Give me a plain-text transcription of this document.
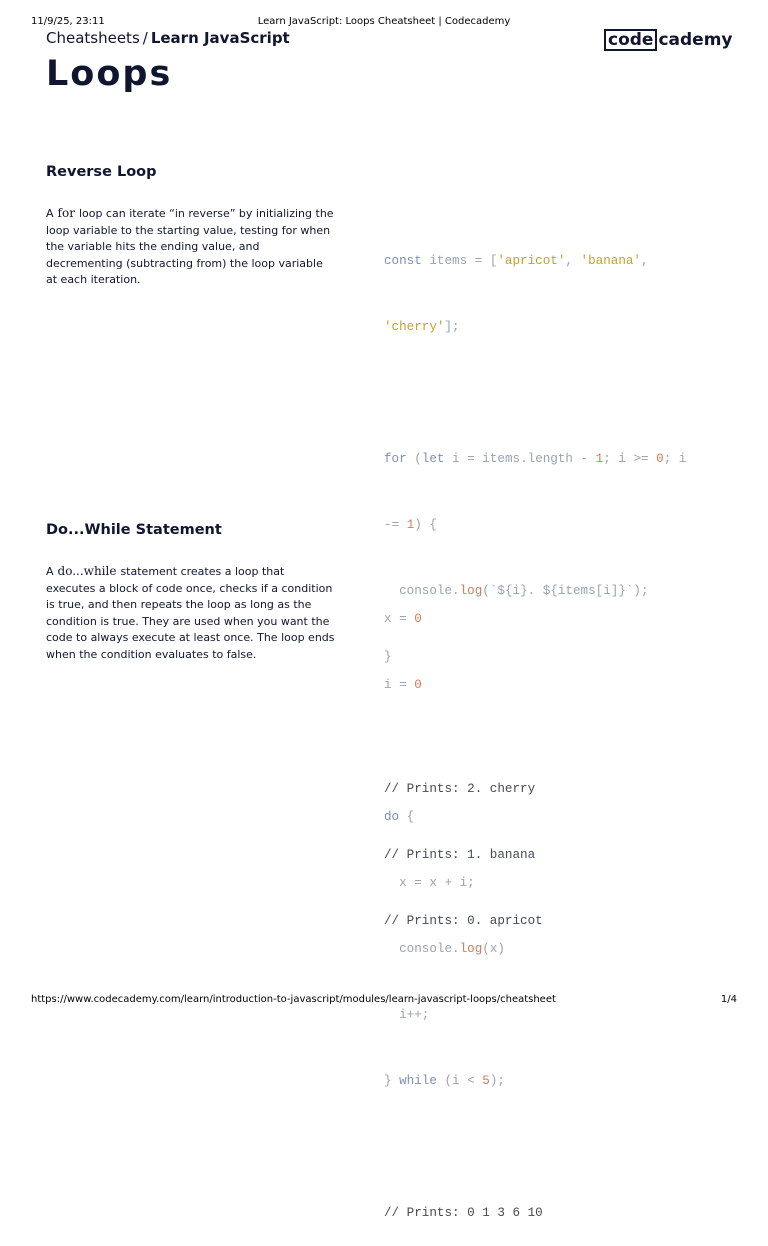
11/9/25, 23:11	Learn JavaScript: Loops Cheatsheet | Codecademy
Cheatsheets / Learn JavaScript	code cademy
Loops
Reverse Loop

A for loop can iterate “in reverse” by initializing the loop variable to the starting value, testing for when the variable hits the ending value, and decrementing (subtracting from) the loop variable at each iteration.

const items = ['apricot', 'banana',

'cherry'];

for (let i = items.length - 1; i >= 0; i

-= 1) {

console.log(`${i}. ${items[i]}`);

}

// Prints: 2. cherry

// Prints: 1. banana

// Prints: 0. apricot

Do...While Statement

A do...while statement creates a loop that executes a block of code once, checks if a condition is true, and then repeats the loop as long as the condition is true. They are used when you want the code to always execute at least once. The loop ends when the condition evaluates to false.

x = 0

i = 0

do {

x = x + i;

console.log(x)

i++;

} while (i < 5);

// Prints: 0 1 3 6 10

https://www.codecademy.com/learn/introduction-to-javascript/modules/learn-javascript-loops/cheatsheet	1/4
